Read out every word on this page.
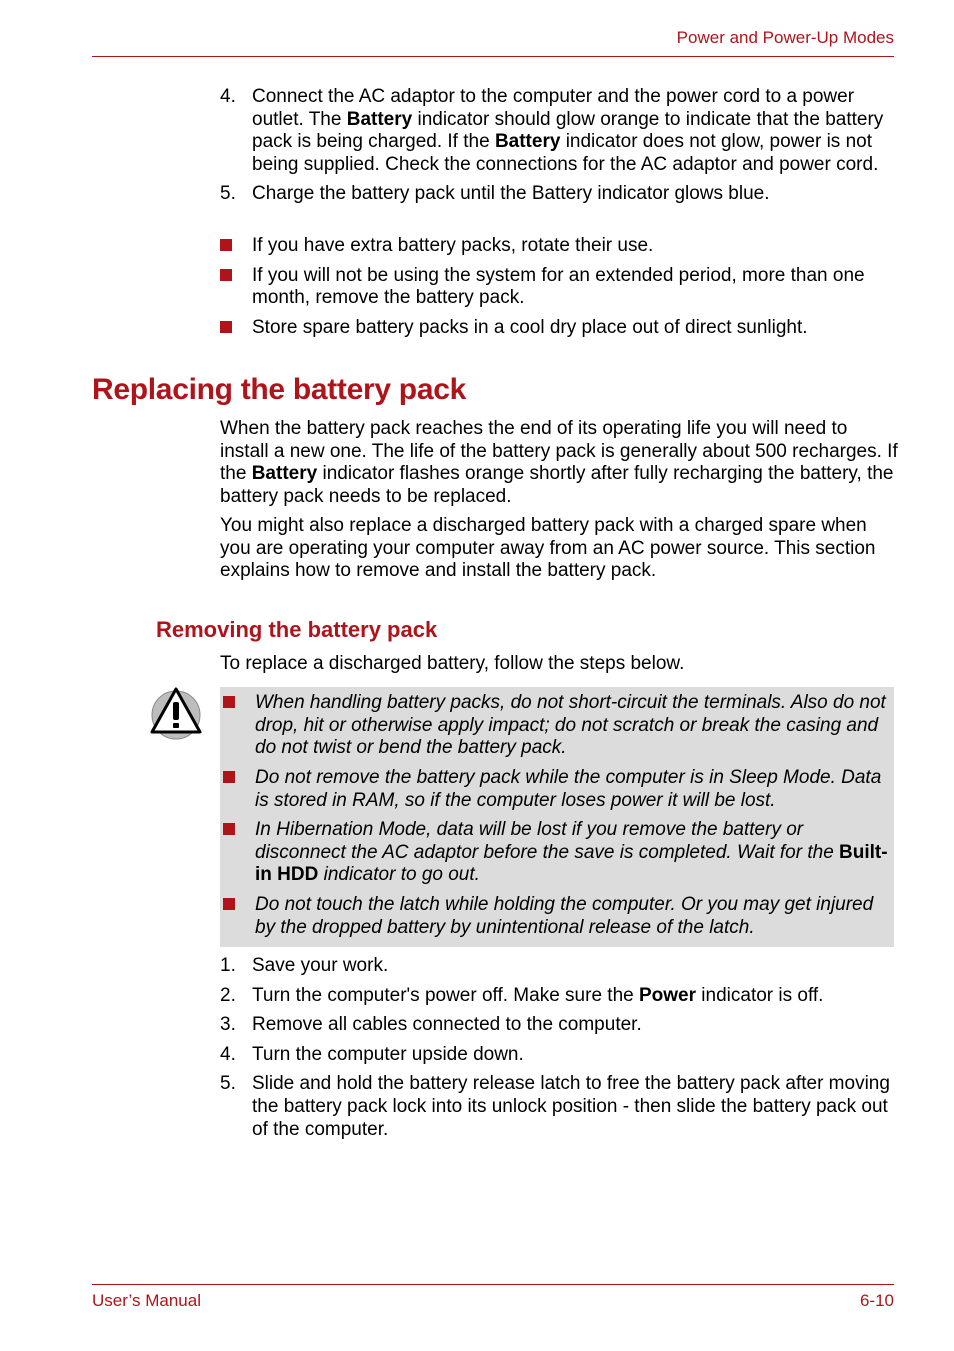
Power and Power-Up Modes
4. Connect the AC adaptor to the computer and the power cord to a power outlet. The Battery indicator should glow orange to indicate that the battery pack is being charged. If the Battery indicator does not glow, power is not being supplied. Check the connections for the AC adaptor and power cord.
5. Charge the battery pack until the Battery indicator glows blue.
If you have extra battery packs, rotate their use.
If you will not be using the system for an extended period, more than one month, remove the battery pack.
Store spare battery packs in a cool dry place out of direct sunlight.
Replacing the battery pack
When the battery pack reaches the end of its operating life you will need to install a new one. The life of the battery pack is generally about 500 recharges. If the Battery indicator flashes orange shortly after fully recharging the battery, the battery pack needs to be replaced.
You might also replace a discharged battery pack with a charged spare when you are operating your computer away from an AC power source. This section explains how to remove and install the battery pack.
Removing the battery pack
To replace a discharged battery, follow the steps below.
When handling battery packs, do not short-circuit the terminals. Also do not drop, hit or otherwise apply impact; do not scratch or break the casing and do not twist or bend the battery pack.
Do not remove the battery pack while the computer is in Sleep Mode. Data is stored in RAM, so if the computer loses power it will be lost.
In Hibernation Mode, data will be lost if you remove the battery or disconnect the AC adaptor before the save is completed. Wait for the Built-in HDD indicator to go out.
Do not touch the latch while holding the computer. Or you may get injured by the dropped battery by unintentional release of the latch.
1. Save your work.
2. Turn the computer's power off. Make sure the Power indicator is off.
3. Remove all cables connected to the computer.
4. Turn the computer upside down.
5. Slide and hold the battery release latch to free the battery pack after moving the battery pack lock into its unlock position - then slide the battery pack out of the computer.
User’s Manual	6-10
